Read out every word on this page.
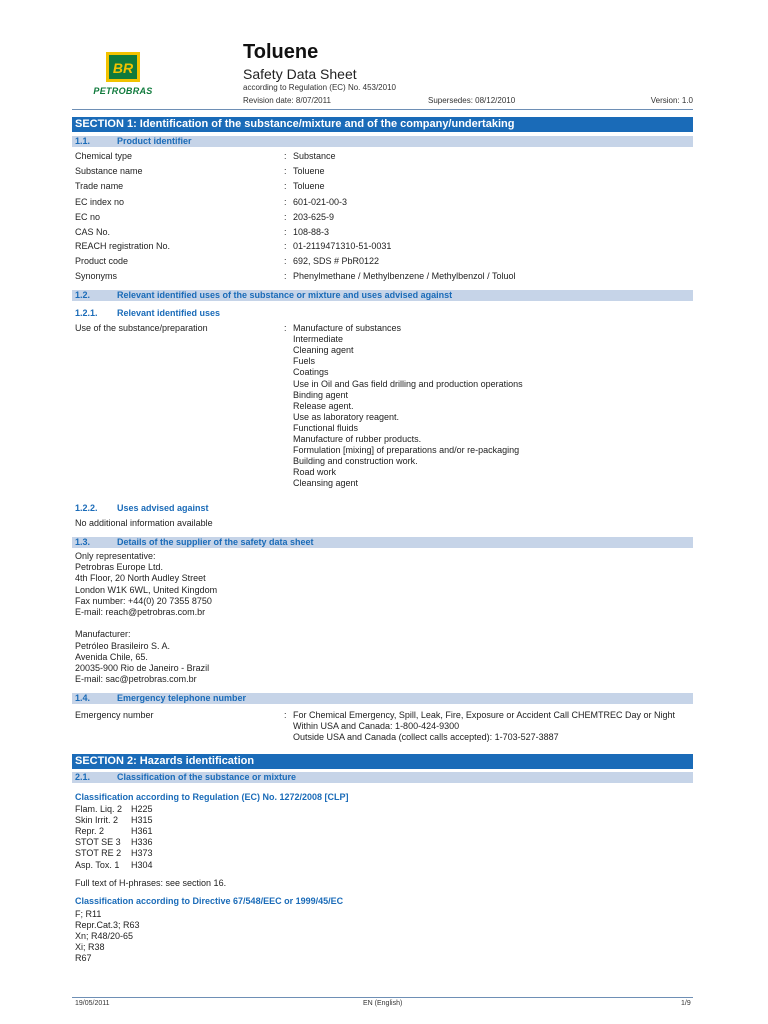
BR
PETROBRAS
Toluene
Safety Data Sheet
according to Regulation (EC) No. 453/2010
Revision date: 8/07/2011	Supersedes: 08/12/2010	Version: 1.0
SECTION 1: Identification of the substance/mixture and of the company/undertaking
1.1.	Product identifier
Chemical type	: Substance
Substance name	: Toluene
Trade name	: Toluene
EC index no	: 601-021-00-3
EC no	: 203-625-9
CAS No.	: 108-88-3
REACH registration No.	: 01-2119471310-51-0031
Product code	: 692, SDS # PbR0122
Synonyms	: Phenylmethane / Methylbenzene / Methylbenzol / Toluol
1.2.	Relevant identified uses of the substance or mixture and uses advised against
1.2.1. Relevant identified uses
Use of the substance/preparation	: Manufacture of substances
Intermediate
Cleaning agent
Fuels
Coatings
Use in Oil and Gas field drilling and production operations
Binding agent
Release agent.
Use as laboratory reagent.
Functional fluids
Manufacture of rubber products.
Formulation [mixing] of preparations and/or re-packaging
Building and construction work.
Road work
Cleansing agent
1.2.2. Uses advised against
No additional information available
1.3.	Details of the supplier of the safety data sheet
Only representative:
Petrobras Europe Ltd.
4th Floor, 20 North Audley Street
London W1K 6WL, United Kingdom
Fax number: +44(0) 20 7355 8750
E-mail: reach@petrobras.com.br
Manufacturer:
Petróleo Brasileiro S. A.
Avenida Chile, 65.
20035-900 Rio de Janeiro - Brazil
E-mail: sac@petrobras.com.br
1.4.	Emergency telephone number
Emergency number	: For Chemical Emergency, Spill, Leak, Fire, Exposure or Accident Call CHEMTREC Day or Night
Within USA and Canada: 1-800-424-9300
Outside USA and Canada (collect calls accepted): 1-703-527-3887
SECTION 2: Hazards identification
2.1.	Classification of the substance or mixture
Classification according to Regulation (EC) No. 1272/2008 [CLP]
Flam. Liq. 2 H225
Skin Irrit. 2 H315
Repr. 2	H361
STOT SE 3 H336
STOT RE 2 H373
Asp. Tox. 1 H304
Full text of H-phrases: see section 16.
Classification according to Directive 67/548/EEC or 1999/45/EC
F; R11
Repr.Cat.3; R63
Xn; R48/20-65
Xi; R38
R67
19/05/2011	EN (English)	1/9
